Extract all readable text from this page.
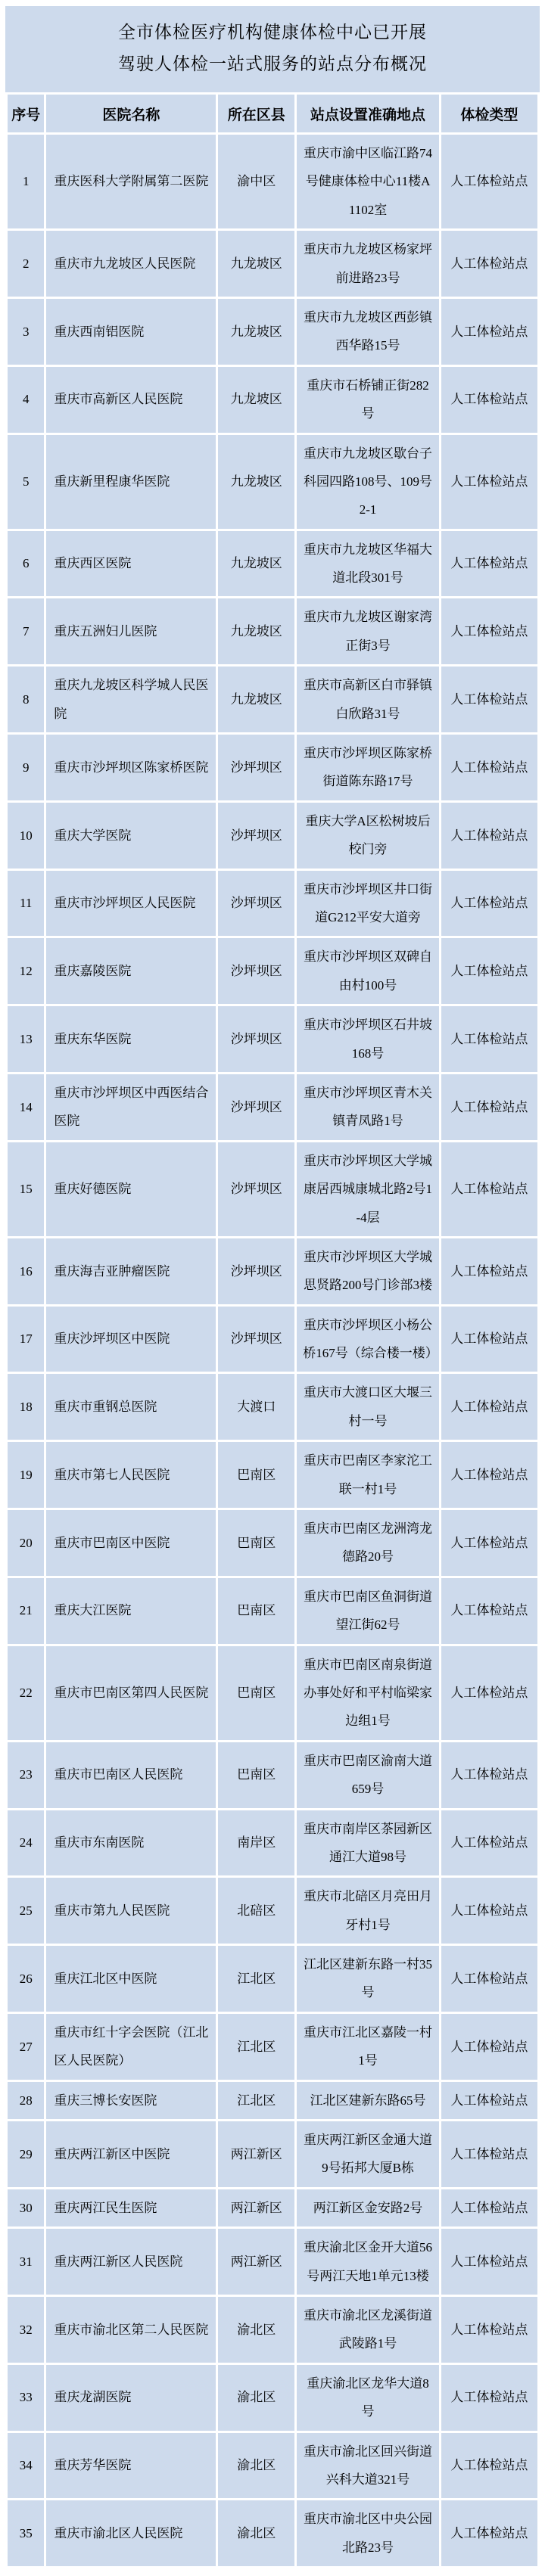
全市体检医疗机构健康体检中心已开展
驾驶人体检一站式服务的站点分布概况
序号	医院名称	所在区县	站点设置准确地点	体检类型
1	重庆医科大学附属第二医院	渝中区	重庆市渝中区临江路74号健康体检中心11楼A1102室	人工体检站点
2	重庆市九龙坡区人民医院	九龙坡区	重庆市九龙坡区杨家坪前进路23号	人工体检站点
3	重庆西南铝医院	九龙坡区	重庆市九龙坡区西彭镇西华路15号	人工体检站点
4	重庆市高新区人民医院	九龙坡区	重庆市石桥铺正街282号	人工体检站点
5	重庆新里程康华医院	九龙坡区	重庆市九龙坡区歇台子科园四路108号、109号2-1	人工体检站点
6	重庆西区医院	九龙坡区	重庆市九龙坡区华福大道北段301号	人工体检站点
7	重庆五洲妇儿医院	九龙坡区	重庆市九龙坡区谢家湾正街3号	人工体检站点
8	重庆九龙坡区科学城人民医院	九龙坡区	重庆市高新区白市驿镇白欣路31号	人工体检站点
9	重庆市沙坪坝区陈家桥医院	沙坪坝区	重庆市沙坪坝区陈家桥街道陈东路17号	人工体检站点
10	重庆大学医院	沙坪坝区	重庆大学A区松树坡后校门旁	人工体检站点
11	重庆市沙坪坝区人民医院	沙坪坝区	重庆市沙坪坝区井口街道G212平安大道旁	人工体检站点
12	重庆嘉陵医院	沙坪坝区	重庆市沙坪坝区双碑自由村100号	人工体检站点
13	重庆东华医院	沙坪坝区	重庆市沙坪坝区石井坡168号	人工体检站点
14	重庆市沙坪坝区中西医结合医院	沙坪坝区	重庆市沙坪坝区青木关镇青凤路1号	人工体检站点
15	重庆好德医院	沙坪坝区	重庆市沙坪坝区大学城康居西城康城北路2号1-4层	人工体检站点
16	重庆海吉亚肿瘤医院	沙坪坝区	重庆市沙坪坝区大学城思贤路200号门诊部3楼	人工体检站点
17	重庆沙坪坝区中医院	沙坪坝区	重庆市沙坪坝区小杨公桥167号（综合楼一楼）	人工体检站点
18	重庆市重钢总医院	大渡口	重庆市大渡口区大堰三村一号	人工体检站点
19	重庆市第七人民医院	巴南区	重庆市巴南区李家沱工联一村1号	人工体检站点
20	重庆市巴南区中医院	巴南区	重庆市巴南区龙洲湾龙德路20号	人工体检站点
21	重庆大江医院	巴南区	重庆市巴南区鱼洞街道望江街62号	人工体检站点
22	重庆市巴南区第四人民医院	巴南区	重庆市巴南区南泉街道办事处好和平村临梁家边组1号	人工体检站点
23	重庆市巴南区人民医院	巴南区	重庆市巴南区渝南大道659号	人工体检站点
24	重庆市东南医院	南岸区	重庆市南岸区茶园新区通江大道98号	人工体检站点
25	重庆市第九人民医院	北碚区	重庆市北碚区月亮田月牙村1号	人工体检站点
26	重庆江北区中医院	江北区	江北区建新东路一村35号	人工体检站点
27	重庆市红十字会医院（江北区人民医院）	江北区	重庆市江北区嘉陵一村1号	人工体检站点
28	重庆三博长安医院	江北区	江北区建新东路65号	人工体检站点
29	重庆两江新区中医院	两江新区	重庆两江新区金通大道9号拓邦大厦B栋	人工体检站点
30	重庆两江民生医院	两江新区	两江新区金安路2号	人工体检站点
31	重庆两江新区人民医院	两江新区	重庆渝北区金开大道56号两江天地1单元13楼	人工体检站点
32	重庆市渝北区第二人民医院	渝北区	重庆市渝北区龙溪街道武陵路1号	人工体检站点
33	重庆龙湖医院	渝北区	重庆渝北区龙华大道8号	人工体检站点
34	重庆芳华医院	渝北区	重庆市渝北区回兴街道兴科大道321号	人工体检站点
35	重庆市渝北区人民医院	渝北区	重庆市渝北区中央公园北路23号	人工体检站点
